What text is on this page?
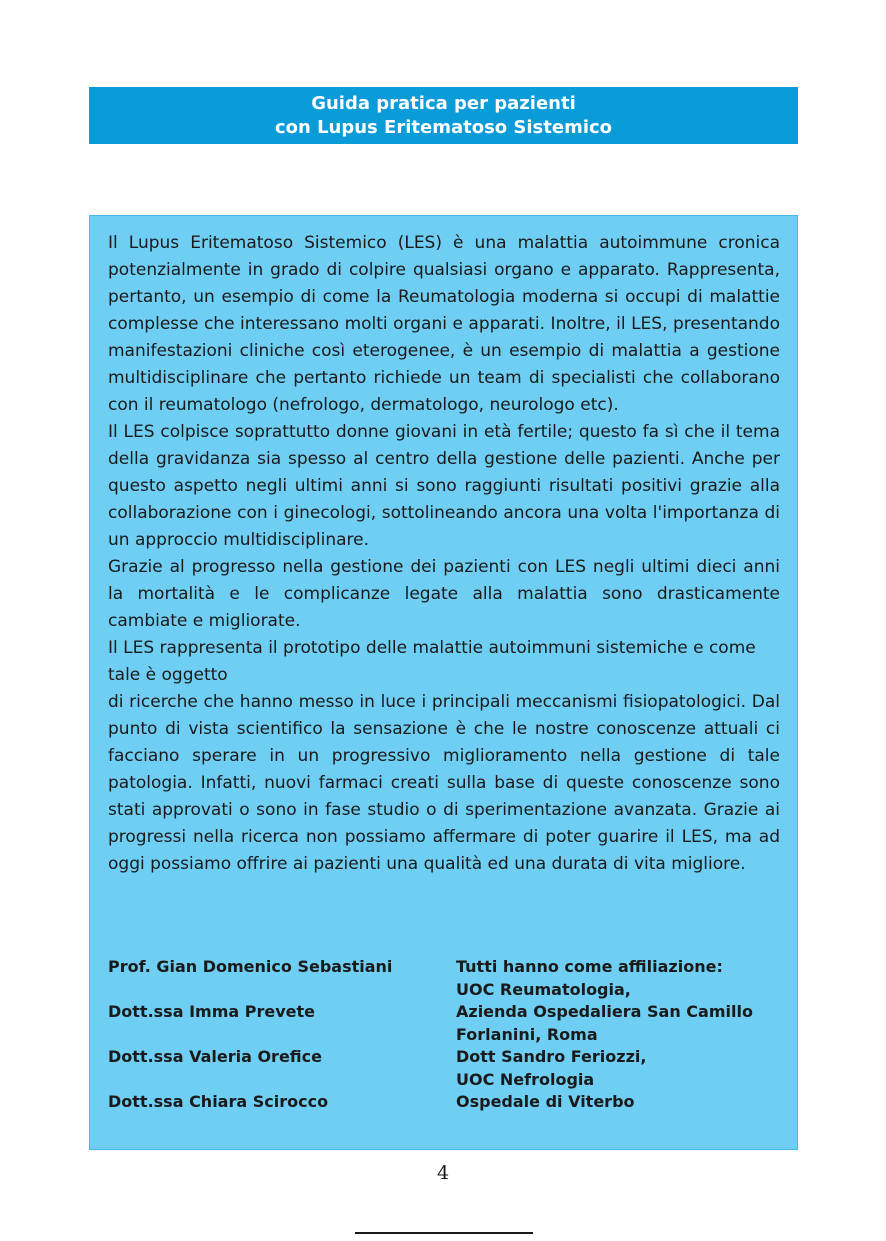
Guida pratica per pazienti
con Lupus Eritematoso Sistemico

Il Lupus Eritematoso Sistemico (LES) è una malattia autoimmune cronica potenzialmente in grado di colpire qualsiasi organo e apparato. Rappresenta, pertanto, un esempio di come la Reumatologia moderna si occupi di malattie complesse che interessano molti organi e apparati. Inoltre, il LES, presentando manifestazioni cliniche così eterogenee, è un esempio di malattia a gestione multidisciplinare che pertanto richiede un team di specialisti che collaborano con il reumatologo (nefrologo, dermatologo, neurologo etc).

Il LES colpisce soprattutto donne giovani in età fertile; questo fa sì che il tema della gravidanza sia spesso al centro della gestione delle pazienti. Anche per questo aspetto negli ultimi anni si sono raggiunti risultati positivi grazie alla collaborazione con i ginecologi, sottolineando ancora una volta l'importanza di un approccio multidisciplinare.

Grazie al progresso nella gestione dei pazienti con LES negli ultimi dieci anni la mortalità e le complicanze legate alla malattia sono drasticamente cambiate e migliorate.

Il LES rappresenta il prototipo delle malattie autoimmuni sistemiche e come tale è oggetto

di ricerche che hanno messo in luce i principali meccanismi fisiopatologici. Dal punto di vista scientifico la sensazione è che le nostre conoscenze attuali ci facciano sperare in un progressivo miglioramento nella gestione di tale patologia. Infatti, nuovi farmaci creati sulla base di queste conoscenze sono stati approvati o sono in fase studio o di sperimentazione avanzata. Grazie ai progressi nella ricerca non possiamo affermare di poter guarire il LES, ma ad oggi possiamo offrire ai pazienti una qualità ed una durata di vita migliore.

Prof. Gian Domenico Sebastiani
Dott.ssa Imma Prevete
Dott.ssa Valeria Orefice
Dott.ssa Chiara Scirocco
Tutti hanno come affiliazione:
UOC Reumatologia,
Azienda Ospedaliera San Camillo
Forlanini, Roma
Dott Sandro Feriozzi,
UOC Nefrologia
Ospedale di Viterbo
4
